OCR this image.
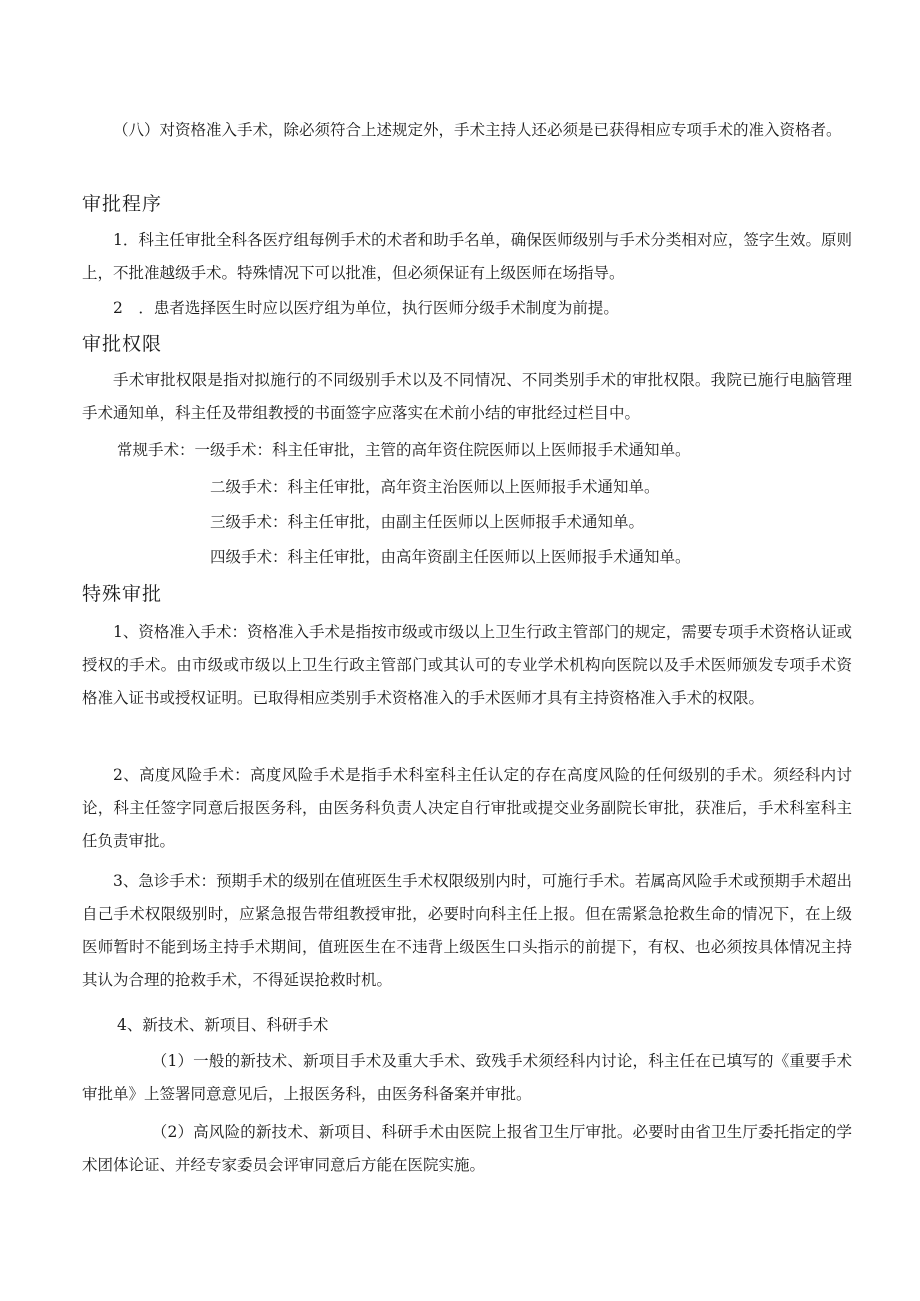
（八）对资格准入手术，除必须符合上述规定外，手术主持人还必须是已获得相应专项手术的准入资格者。

审批程序

1．科主任审批全科各医疗组每例手术的术者和助手名单，确保医师级别与手术分类相对应，签字生效。原则上，不批准越级手术。特殊情况下可以批准，但必须保证有上级医师在场指导。

2　．患者选择医生时应以医疗组为单位，执行医师分级手术制度为前提。

审批权限

手术审批权限是指对拟施行的不同级别手术以及不同情况、不同类别手术的审批权限。我院已施行电脑管理手术通知单，科主任及带组教授的书面签字应落实在术前小结的审批经过栏目中。

常规手术：一级手术：科主任审批，主管的高年资住院医师以上医师报手术通知单。
二级手术：科主任审批，高年资主治医师以上医师报手术通知单。
三级手术：科主任审批，由副主任医师以上医师报手术通知单。
四级手术：科主任审批，由高年资副主任医师以上医师报手术通知单。
特殊审批

1、资格准入手术：资格准入手术是指按市级或市级以上卫生行政主管部门的规定，需要专项手术资格认证或授权的手术。由市级或市级以上卫生行政主管部门或其认可的专业学术机构向医院以及手术医师颁发专项手术资格准入证书或授权证明。已取得相应类别手术资格准入的手术医师才具有主持资格准入手术的权限。

2、高度风险手术：高度风险手术是指手术科室科主任认定的存在高度风险的任何级别的手术。须经科内讨论，科主任签字同意后报医务科，由医务科负责人决定自行审批或提交业务副院长审批，获准后，手术科室科主任负责审批。

3、急诊手术：预期手术的级别在值班医生手术权限级别内时，可施行手术。若属高风险手术或预期手术超出自己手术权限级别时，应紧急报告带组教授审批，必要时向科主任上报。但在需紧急抢救生命的情况下，在上级医师暂时不能到场主持手术期间，值班医生在不违背上级医生口头指示的前提下，有权、也必须按具体情况主持其认为合理的抢救手术，不得延误抢救时机。

4、新技术、新项目、科研手术

（1）一般的新技术、新项目手术及重大手术、致残手术须经科内讨论，科主任在已填写的《重要手术审批单》上签署同意意见后，上报医务科，由医务科备案并审批。

（2）高风险的新技术、新项目、科研手术由医院上报省卫生厅审批。必要时由省卫生厅委托指定的学术团体论证、并经专家委员会评审同意后方能在医院实施。
